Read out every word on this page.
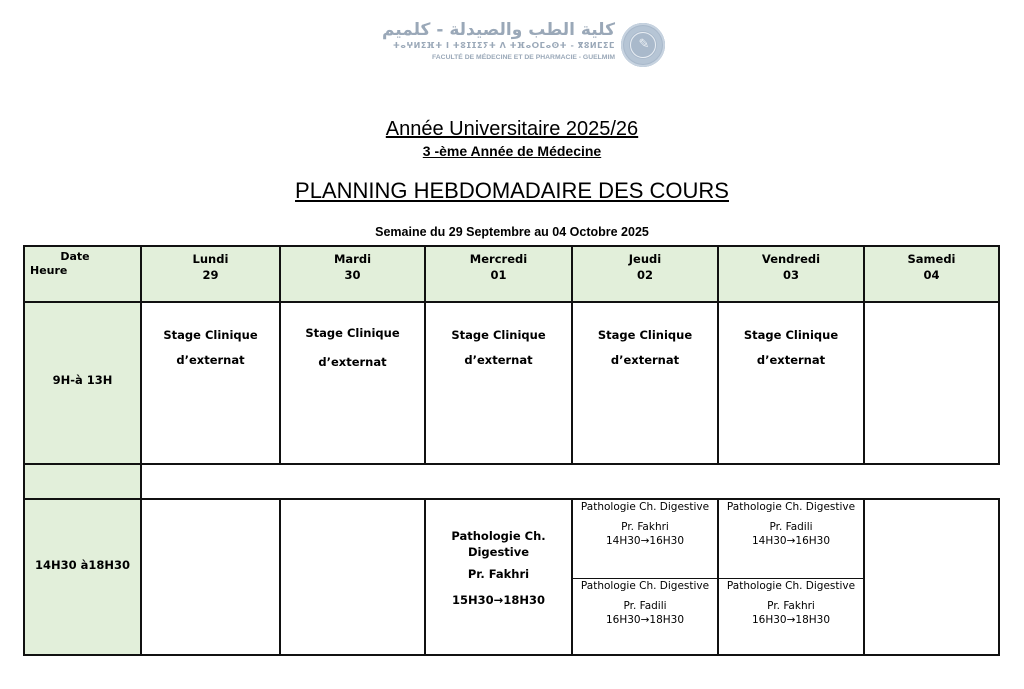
كلية الطب والصيدلة - كلميم
ⵜⴰⵖⵍⵉⴼⵜ ⵏ ⵜⵓⵊⵊⵉⵢⵜ ⴷ ⵜⴼⴰⵔⵎⴰⵙⵜ - ⴳⵓⵍⵎⵉⵎ
FACULTÉ DE MÉDECINE ET DE PHARMACIE - GUELMIM
✎
Année Universitaire 2025/26
3 -ème Année de Médecine
PLANNING HEBDOMADAIRE DES COURS
Semaine du 29 Septembre au 04 Octobre 2025
Date
Heure
Lundi
29
Mardi
30
Mercredi
01
Jeudi
02
Vendredi
03
Samedi
04
9H-à 13H
Stage Clinique
d’externat
Stage Clinique
d’externat
Stage Clinique
d’externat
Stage Clinique
d’externat
Stage Clinique
d’externat
14H30 à18H30
Pathologie Ch.
Digestive
Pr. Fakhri
15H30→18H30
Pathologie Ch. Digestive
Pr. Fakhri
14H30→16H30
Pathologie Ch. Digestive
Pr. Fadili
16H30→18H30
Pathologie Ch. Digestive
Pr. Fadili
14H30→16H30
Pathologie Ch. Digestive
Pr. Fakhri
16H30→18H30
